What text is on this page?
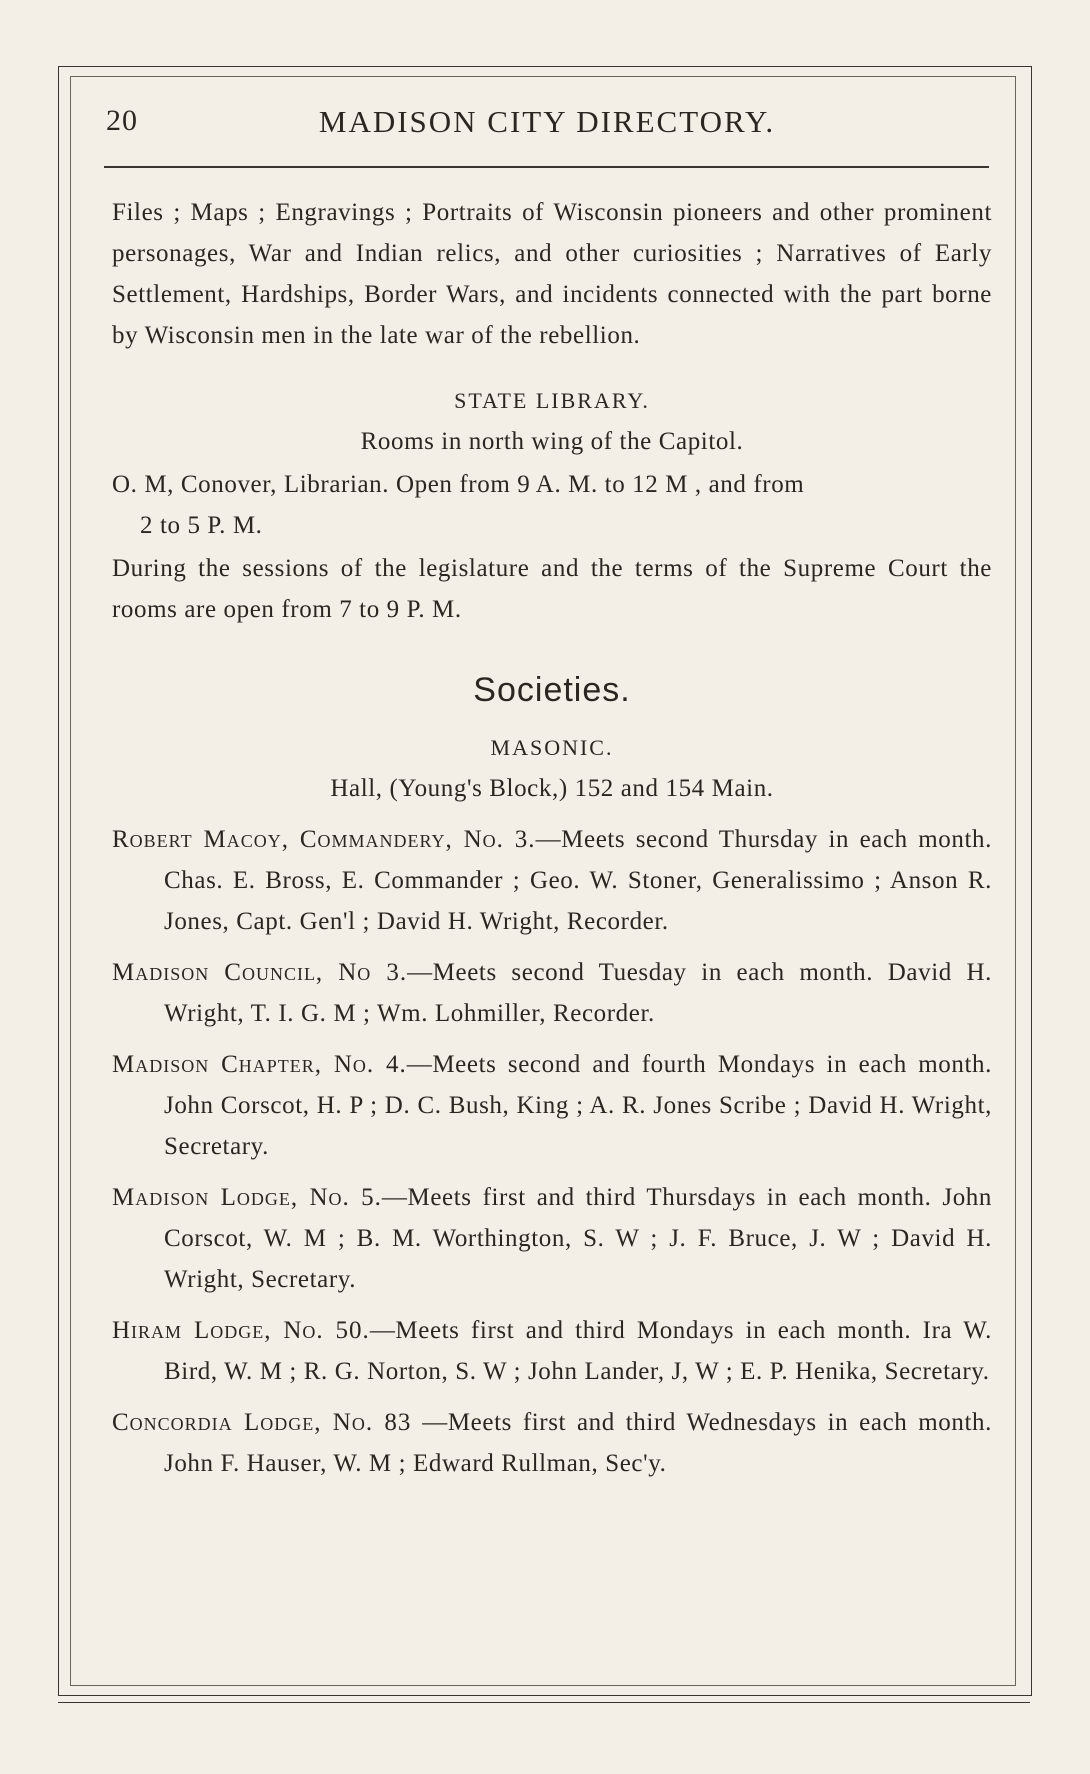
20	MADISON CITY DIRECTORY.

Files ; Maps ; Engravings ; Portraits of Wisconsin pioneers and other prominent personages, War and Indian relics, and other curiosities ; Narratives of Early Settlement, Hardships, Border Wars, and incidents connected with the part borne by Wisconsin men in the late war of the rebellion.

STATE LIBRARY.

Rooms in north wing of the Capitol.

O. M, Conover, Librarian. Open from 9 A. M. to 12 M , and from
2 to 5 P. M.

During the sessions of the legislature and the terms of the Supreme Court the rooms are open from 7 to 9 P. M.

Societies.

MASONIC.

Hall, (Young's Block,) 152 and 154 Main.

Robert Macoy, Commandery, No. 3.—Meets second Thursday in each month. Chas. E. Bross, E. Commander ; Geo. W. Stoner, Generalissimo ; Anson R. Jones, Capt. Gen'l ; David H. Wright, Recorder.

Madison Council, No 3.—Meets second Tuesday in each month. David H. Wright, T. I. G. M ; Wm. Lohmiller, Recorder.

Madison Chapter, No. 4.—Meets second and fourth Mondays in each month. John Corscot, H. P ; D. C. Bush, King ; A. R. Jones Scribe ; David H. Wright, Secretary.

Madison Lodge, No. 5.—Meets first and third Thursdays in each month. John Corscot, W. M ; B. M. Worthington, S. W ; J. F. Bruce, J. W ; David H. Wright, Secretary.

Hiram Lodge, No. 50.—Meets first and third Mondays in each month. Ira W. Bird, W. M ; R. G. Norton, S. W ; John Lander, J, W ; E. P. Henika, Secretary.

Concordia Lodge, No. 83 —Meets first and third Wednesdays in each month. John F. Hauser, W. M ; Edward Rullman, Sec'y.
